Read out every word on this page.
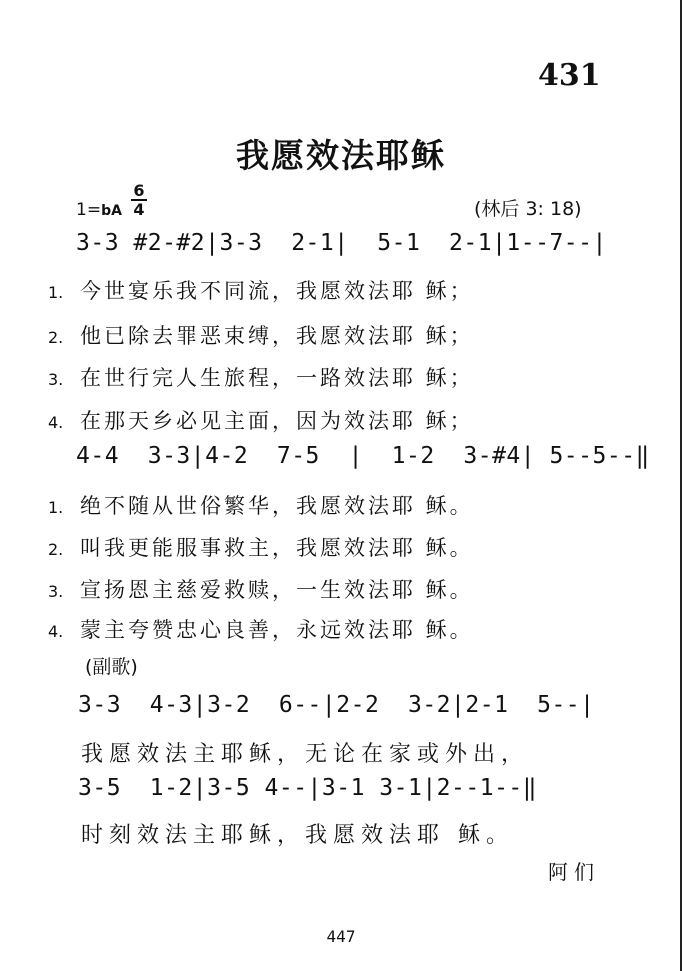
431
我愿效法耶稣
1=bA
6
4	(林后 3: 18)
3-3 #2-#2|3-3  2-1|  5-1  2-1|1--7--|
1. 今世宴乐我不同流，我愿效法耶 稣；
2. 他已除去罪恶束缚，我愿效法耶 稣；
3. 在世行完人生旅程，一路效法耶 稣；
4. 在那天乡必见主面，因为效法耶 稣；
4-4  3-3|4-2  7-5  |  1-2  3-#4| 5--5--‖
1. 绝不随从世俗繁华，我愿效法耶 稣。
2. 叫我更能服事救主，我愿效法耶 稣。
3. 宣扬恩主慈爱救赎，一生效法耶 稣。
4. 蒙主夸赞忠心良善，永远效法耶 稣。
(副歌)
3-3  4-3|3-2  6--|2-2  3-2|2-1  5--|
我愿效法主耶稣，无论在家或外出，
3-5  1-2|3-5 4--|3-1 3-1|2--1--‖
时刻效法主耶稣，我愿效法耶 稣。
阿们
447
